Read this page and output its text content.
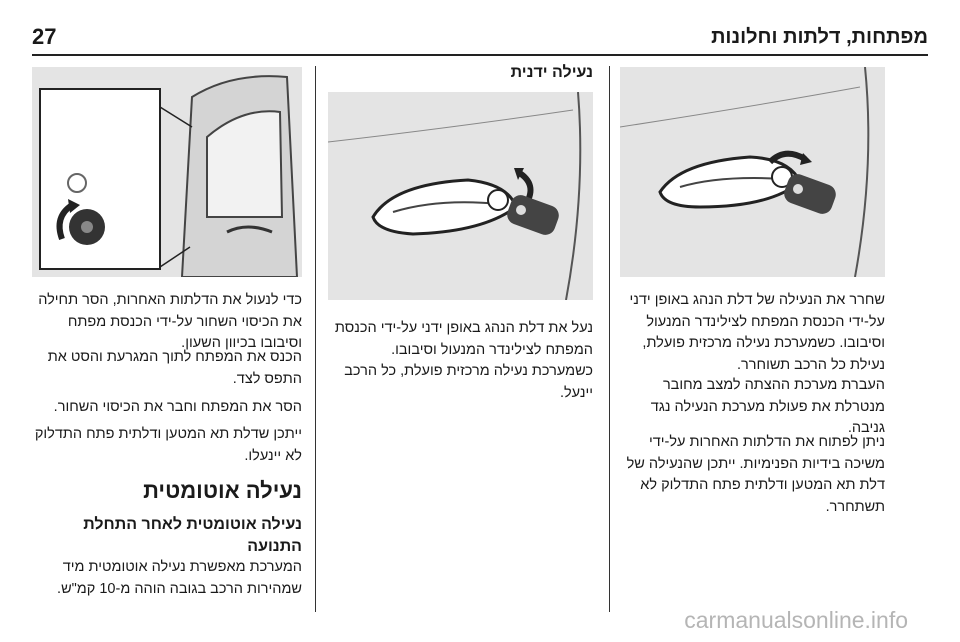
27	מפתחות, דלתות וחלונות
שחרר את הנעילה של דלת הנהג באופן ידני על-ידי הכנסת המפתח לצילינדר המנעול וסיבובו. כשמערכת נעילה מרכזית פועלת, נעילת כל הרכב תשוחרר.
העברת מערכת ההצתה למצב מחובר מנטרלת את פעולת מערכת הנעילה נגד גניבה.
ניתן לפתוח את הדלתות האחרות על-ידי משיכה בידיות הפנימיות. ייתכן שהנעילה של דלת תא המטען ודלתית פתח התדלוק לא תשתחרר.
נעילה ידנית
נעל את דלת הנהג באופן ידני על-ידי הכנסת המפתח לצילינדר המנעול וסיבובו. כשמערכת נעילה מרכזית פועלת, כל הרכב יינעל.
כדי לנעול את הדלתות האחרות, הסר תחילה את הכיסוי השחור על-ידי הכנסת מפתח וסיבובו בכיוון השעון.
הכנס את המפתח לתוך המגרעת והסט את התפס לצד.
הסר את המפתח וחבר את הכיסוי השחור.
ייתכן שדלת תא המטען ודלתית פתח התדלוק לא יינעלו.
נעילה אוטומטית
נעילה אוטומטית לאחר התחלת התנועה
המערכת מאפשרת נעילה אוטומטית מיד שמהירות הרכב בגובה הוהה מ-10 קמ"ש.
carmanualsonline.info
